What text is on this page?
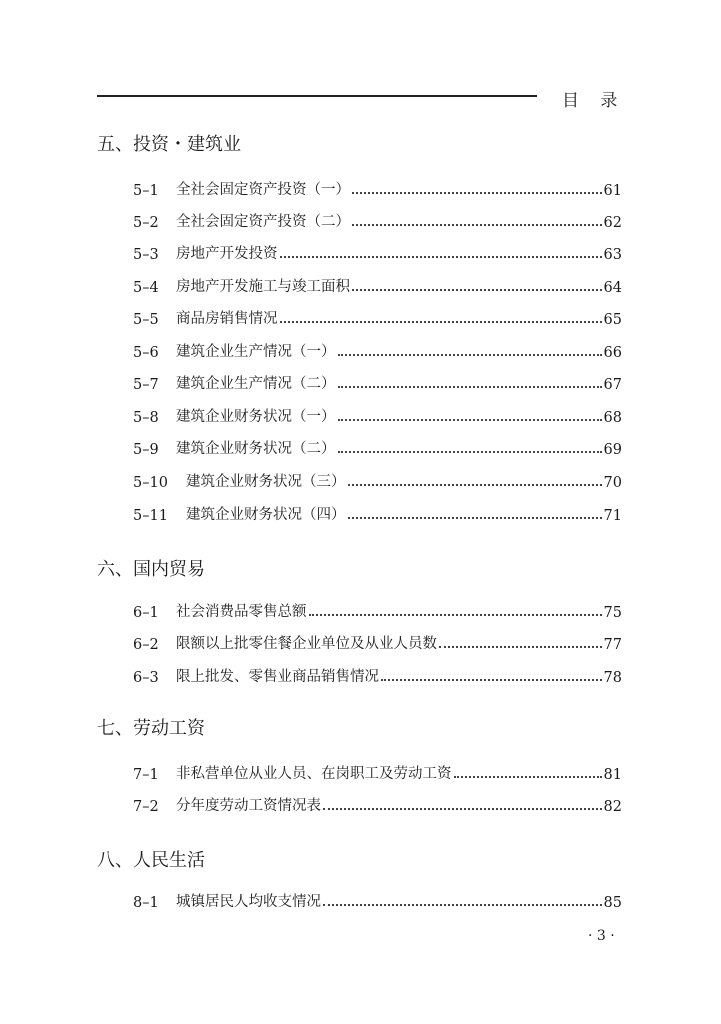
目 录
五、投资・建筑业
5–1	全社会固定资产投资（一）	61
5–2	全社会固定资产投资（二）	62
5–3	房地产开发投资	63
5–4	房地产开发施工与竣工面积	64
5–5	商品房销售情况	65
5–6	建筑企业生产情况（一）	66
5–7	建筑企业生产情况（二）	67
5–8	建筑企业财务状况（一）	68
5–9	建筑企业财务状况（二）	69
5–10	建筑企业财务状况（三）	70
5–11	建筑企业财务状况（四）	71
六、国内贸易
6–1	社会消费品零售总额	75
6–2	限额以上批零住餐企业单位及从业人员数	77
6–3	限上批发、零售业商品销售情况	78
七、劳动工资
7–1	非私营单位从业人员、在岗职工及劳动工资	81
7–2	分年度劳动工资情况表	82
八、人民生活
8–1	城镇居民人均收支情况	85
· 3 ·
